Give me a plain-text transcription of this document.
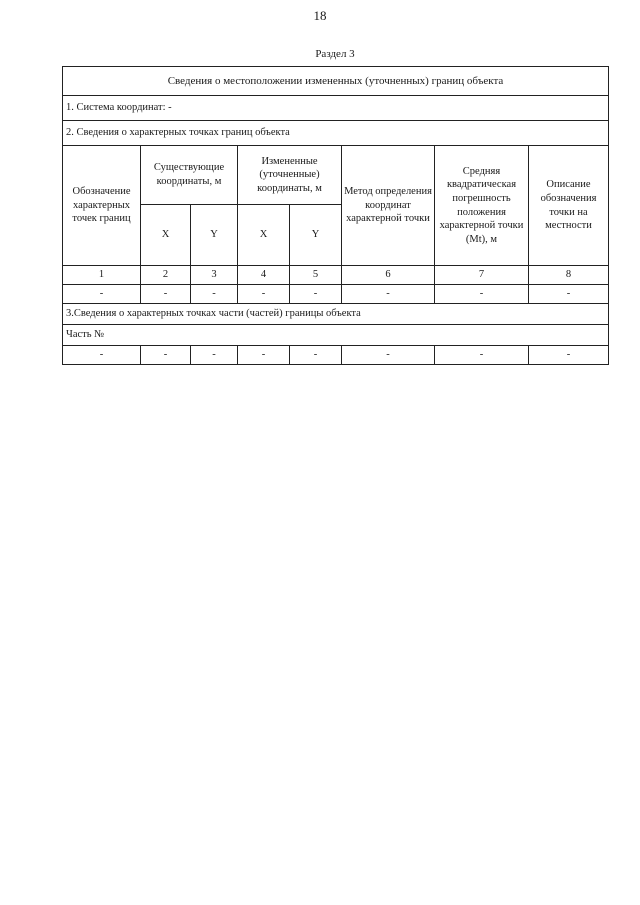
18
Раздел 3
Сведения о местоположении измененных (уточненных) границ объекта							
1. Система координат: -							
2. Сведения о характерных точках границ объекта							
Обозначение характерных точек границ	Существующие координаты, м		Измененные (уточненные) координаты, м		Метод определения координат характерной точки	Средняя квадратическая погрешность положения характерной точки (Mt), м	Описание обозначения точки на местности
	X	Y	X	Y			
1	2	3	4	5	6	7	8
-	-	-	-	-	-	-	-
3.Сведения о характерных точках части (частей) границы объекта							
Часть №							
-	-	-	-	-	-	-	-
